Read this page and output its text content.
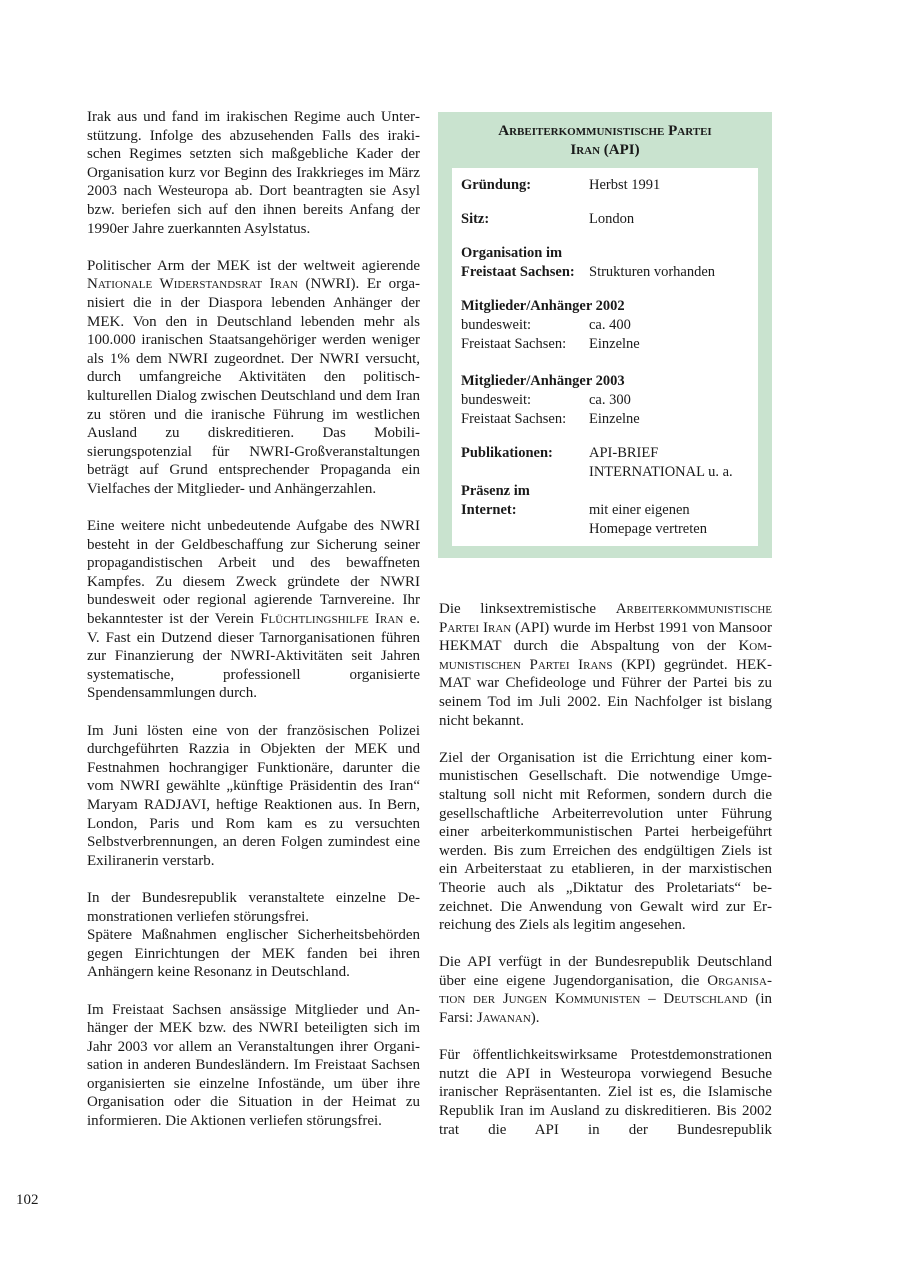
Irak aus und fand im irakischen Regime auch Unterstützung. Infolge des abzusehenden Falls des irakischen Regimes setzten sich maßgebliche Kader der Organisation kurz vor Beginn des Irakkrieges im März 2003 nach Westeuropa ab. Dort beantragten sie Asyl bzw. beriefen sich auf den ihnen bereits Anfang der 1990er Jahre zuerkannten Asylstatus.

Politischer Arm der MEK ist der weltweit agierende Nationale Widerstandsrat Iran (NWRI). Er organisiert die in der Diaspora lebenden Anhänger der MEK. Von den in Deutschland lebenden mehr als 100.000 iranischen Staatsangehöriger werden weniger als 1% dem NWRI zugeordnet. Der NWRI versucht, durch umfangreiche Aktivitäten den politisch-kulturellen Dialog zwischen Deutschland und dem Iran zu stören und die iranische Führung im westlichen Ausland zu diskreditieren. Das Mobilisierungspotenzial für NWRI-Großveranstaltungen beträgt auf Grund entsprechender Propaganda ein Vielfaches der Mitglieder- und Anhängerzahlen.

Eine weitere nicht unbedeutende Aufgabe des NWRI besteht in der Geldbeschaffung zur Sicherung seiner propagandistischen Arbeit und des bewaffneten Kampfes. Zu diesem Zweck gründete der NWRI bundesweit oder regional agierende Tarnvereine. Ihr bekanntester ist der Verein Flüchtlingshilfe Iran e. V. Fast ein Dutzend dieser Tarnorganisationen führen zur Finanzierung der NWRI-Aktivitäten seit Jahren systematische, professionell organisierte Spendensammlungen durch.

Im Juni lösten eine von der französischen Polizei durchgeführten Razzia in Objekten der MEK und Festnahmen hochrangiger Funktionäre, darunter die vom NWRI gewählte „künftige Präsidentin des Iran“ Maryam RADJAVI, heftige Reaktionen aus. In Bern, London, Paris und Rom kam es zu versuchten Selbstverbrennungen, an deren Folgen zumindest eine Exiliranerin verstarb.

In der Bundesrepublik veranstaltete einzelne Demonstrationen verliefen störungsfrei.
Spätere Maßnahmen englischer Sicherheitsbehörden gegen Einrichtungen der MEK fanden bei ihren Anhängern keine Resonanz in Deutschland.

Im Freistaat Sachsen ansässige Mitglieder und Anhänger der MEK bzw. des NWRI beteiligten sich im Jahr 2003 vor allem an Veranstaltungen ihrer Organisation in anderen Bundesländern. Im Freistaat Sachsen organisierten sie einzelne Infostände, um über ihre Organisation oder die Situation in der Heimat zu informieren. Die Aktionen verliefen störungsfrei.

Arbeiterkommunistische Partei
Iran (API)
Gründung:	Herbst 1991
Sitz:	London
Organisation im
Freistaat Sachsen: Strukturen vorhanden
Mitglieder/Anhänger 2002
bundesweit:	ca. 400
Freistaat Sachsen:	Einzelne
Mitglieder/Anhänger 2003
bundesweit:	ca. 300
Freistaat Sachsen:	Einzelne
Publikationen:	API-BRIEF
INTERNATIONAL u. a.
Präsenz im
Internet:	mit einer eigenen
Homepage vertreten

Die linksextremistische Arbeiterkommunistische Partei Iran (API) wurde im Herbst 1991 von Mansoor HEKMAT durch die Abspaltung von der Kommunistischen Partei Irans (KPI) gegründet. HEKMAT war Chefideologe und Führer der Partei bis zu seinem Tod im Juli 2002. Ein Nachfolger ist bislang nicht bekannt.

Ziel der Organisation ist die Errichtung einer kommunistischen Gesellschaft. Die notwendige Umgestaltung soll nicht mit Reformen, sondern durch die gesellschaftliche Arbeiterrevolution unter Führung einer arbeiterkommunistischen Partei herbeigeführt werden. Bis zum Erreichen des endgültigen Ziels ist ein Arbeiterstaat zu etablieren, in der marxistischen Theorie auch als „Diktatur des Proletariats“ bezeichnet. Die Anwendung von Gewalt wird zur Erreichung des Ziels als legitim angesehen.

Die API verfügt in der Bundesrepublik Deutschland über eine eigene Jugendorganisation, die Organisation der Jungen Kommunisten – Deutschland (in Farsi: Jawanan).

Für öffentlichkeitswirksame Protestdemonstrationen nutzt die API in Westeuropa vorwiegend Besuche iranischer Repräsentanten. Ziel ist es, die Islamische Republik Iran im Ausland zu diskreditieren. Bis 2002 trat die API in der Bundesrepublik

102
